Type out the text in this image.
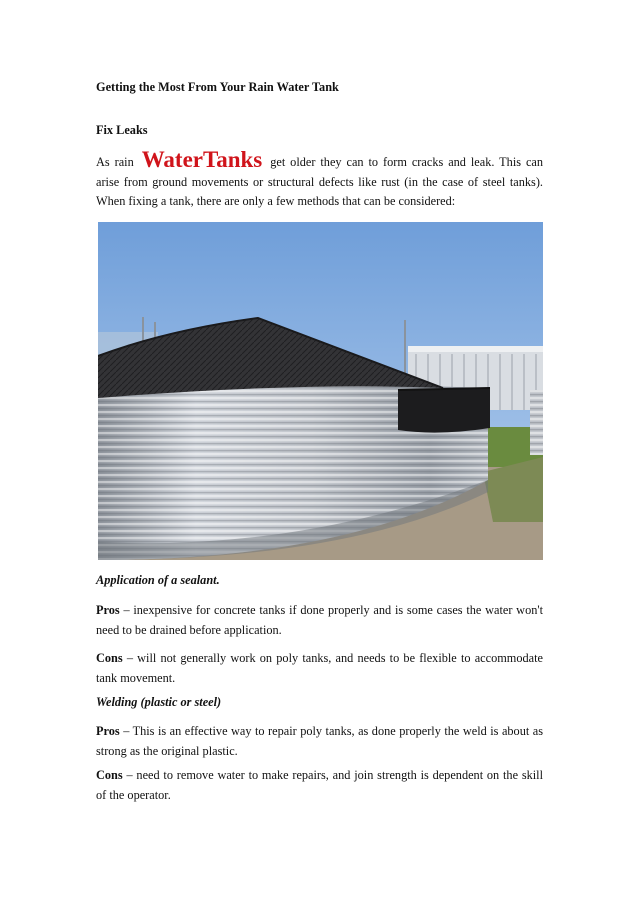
Getting the Most From Your Rain Water Tank
Fix Leaks
As rain WaterTanks get older they can to form cracks and leak. This can arise from ground movements or structural defects like rust (in the case of steel tanks). When fixing a tank, there are only a few methods that can be considered:
Application of a sealant.
Pros – inexpensive for concrete tanks if done properly and is some cases the water won't need to be drained before application.
Cons – will not generally work on poly tanks, and needs to be flexible to accommodate tank movement.
Welding (plastic or steel)
Pros – This is an effective way to repair poly tanks, as done properly the weld is about as strong as the original plastic.
Cons – need to remove water to make repairs, and join strength is dependent on the skill of the operator.
